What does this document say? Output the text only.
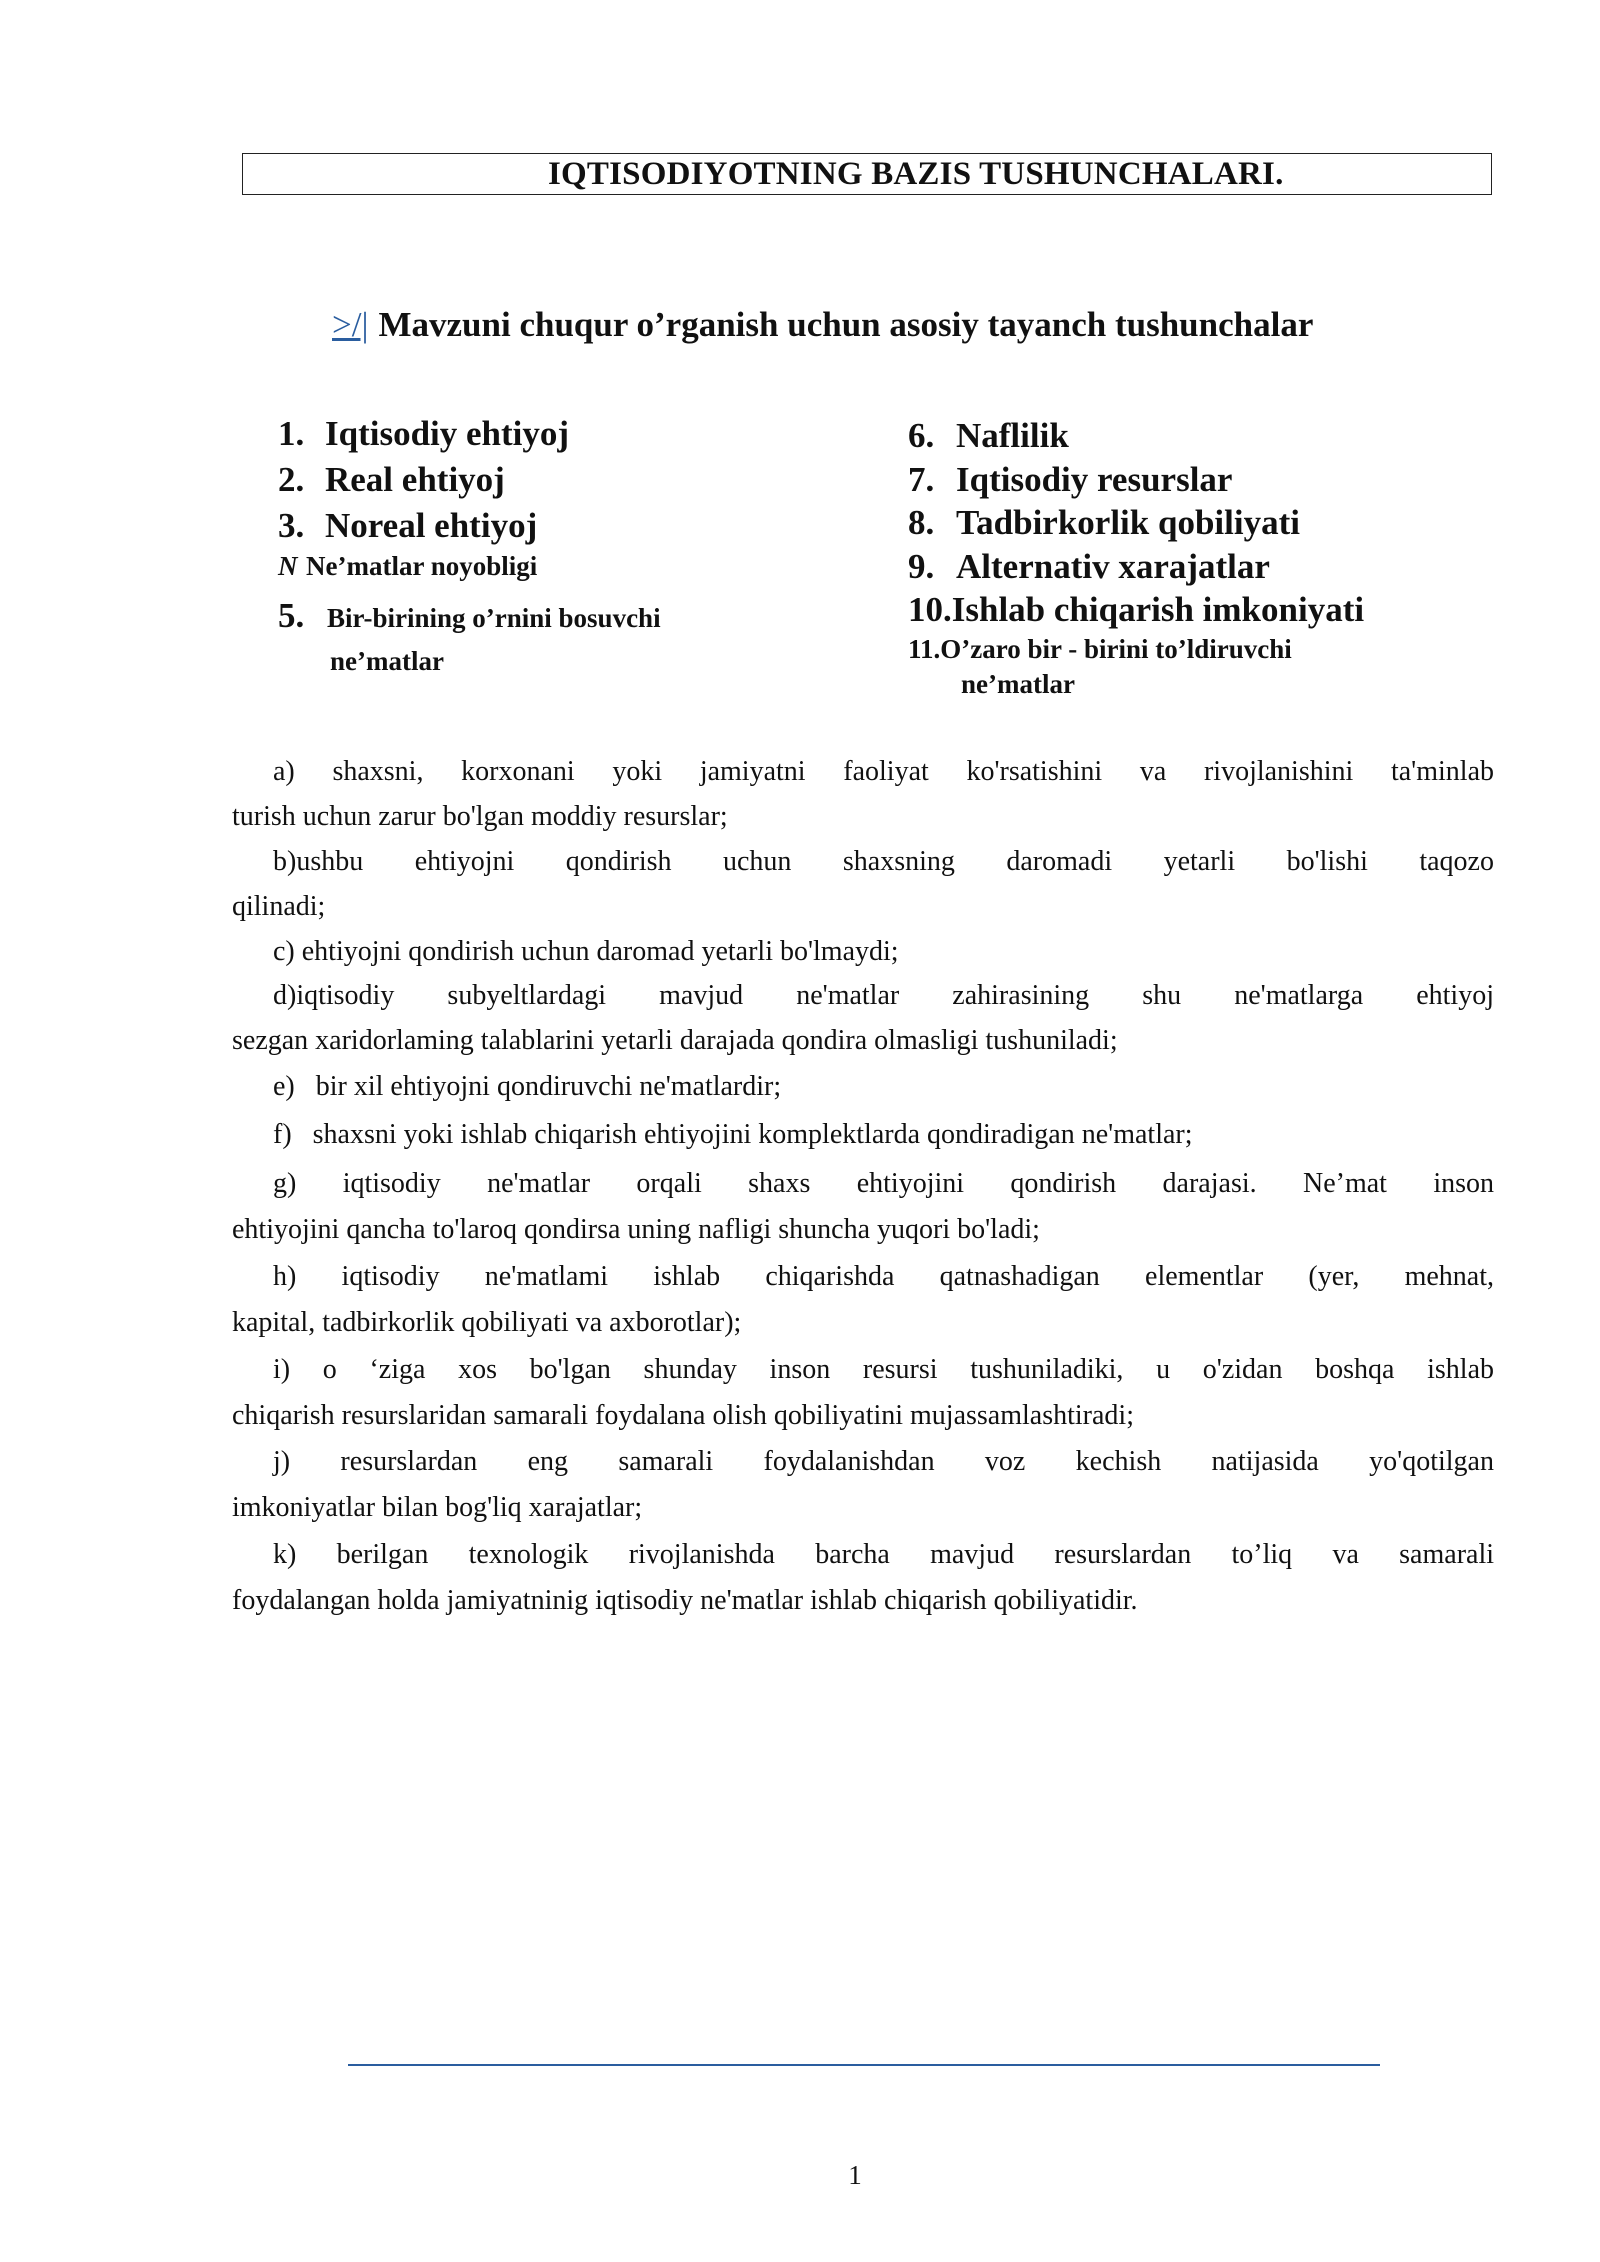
IQTISODIYOTNING BAZIS TUSHUNCHALARI.
>/| Mavzuni chuqur o’rganish uchun asosiy tayanch tushunchalar
1. Iqtisodiy ehtiyoj
2. Real ehtiyoj
3. Noreal ehtiyoj
N Ne’matlar noyobligi
5. Bir-birining o’rnini bosuvchi
ne’matlar
6. Naflilik
7. Iqtisodiy resurslar
8. Tadbirkorlik qobiliyati
9. Alternativ xarajatlar
10.Ishlab chiqarish imkoniyati
11.O’zaro bir - birini to’ldiruvchi
ne’matlar
a) shaxsni, korxonani yoki jamiyatni faoliyat ko'rsatishini va rivojlanishini ta'minlab
turish uchun zarur bo'lgan moddiy resurslar;
b)ushbu ehtiyojni qondirish uchun shaxsning daromadi yetarli bo'lishi taqozo
qilinadi;
c) ehtiyojni qondirish uchun daromad yetarli bo'lmaydi;
d)iqtisodiy subyeltlardagi mavjud ne'matlar zahirasining shu ne'matlarga ehtiyoj
sezgan xaridorlaming talablarini yetarli darajada qondira olmasligi tushuniladi;
e)   bir xil ehtiyojni qondiruvchi ne'matlardir;
f)   shaxsni yoki ishlab chiqarish ehtiyojini komplektlarda qondiradigan ne'matlar;
g) iqtisodiy ne'matlar orqali shaxs ehtiyojini qondirish darajasi. Ne’mat inson
ehtiyojini qancha to'laroq qondirsa uning nafligi shuncha yuqori bo'ladi;
h) iqtisodiy ne'matlami ishlab chiqarishda qatnashadigan elementlar (yer, mehnat,
kapital, tadbirkorlik qobiliyati va axborotlar);
i) o ‘ziga xos bo'lgan shunday inson resursi tushuniladiki, u o'zidan boshqa ishlab
chiqarish resurslaridan samarali foydalana olish qobiliyatini mujassamlashtiradi;
j) resurslardan eng samarali foydalanishdan voz kechish natijasida yo'qotilgan
imkoniyatlar bilan bog'liq xarajatlar;
k) berilgan texnologik rivojlanishda barcha mavjud resurslardan to’liq va samarali
foydalangan holda jamiyatninig iqtisodiy ne'matlar ishlab chiqarish qobiliyatidir.
1
